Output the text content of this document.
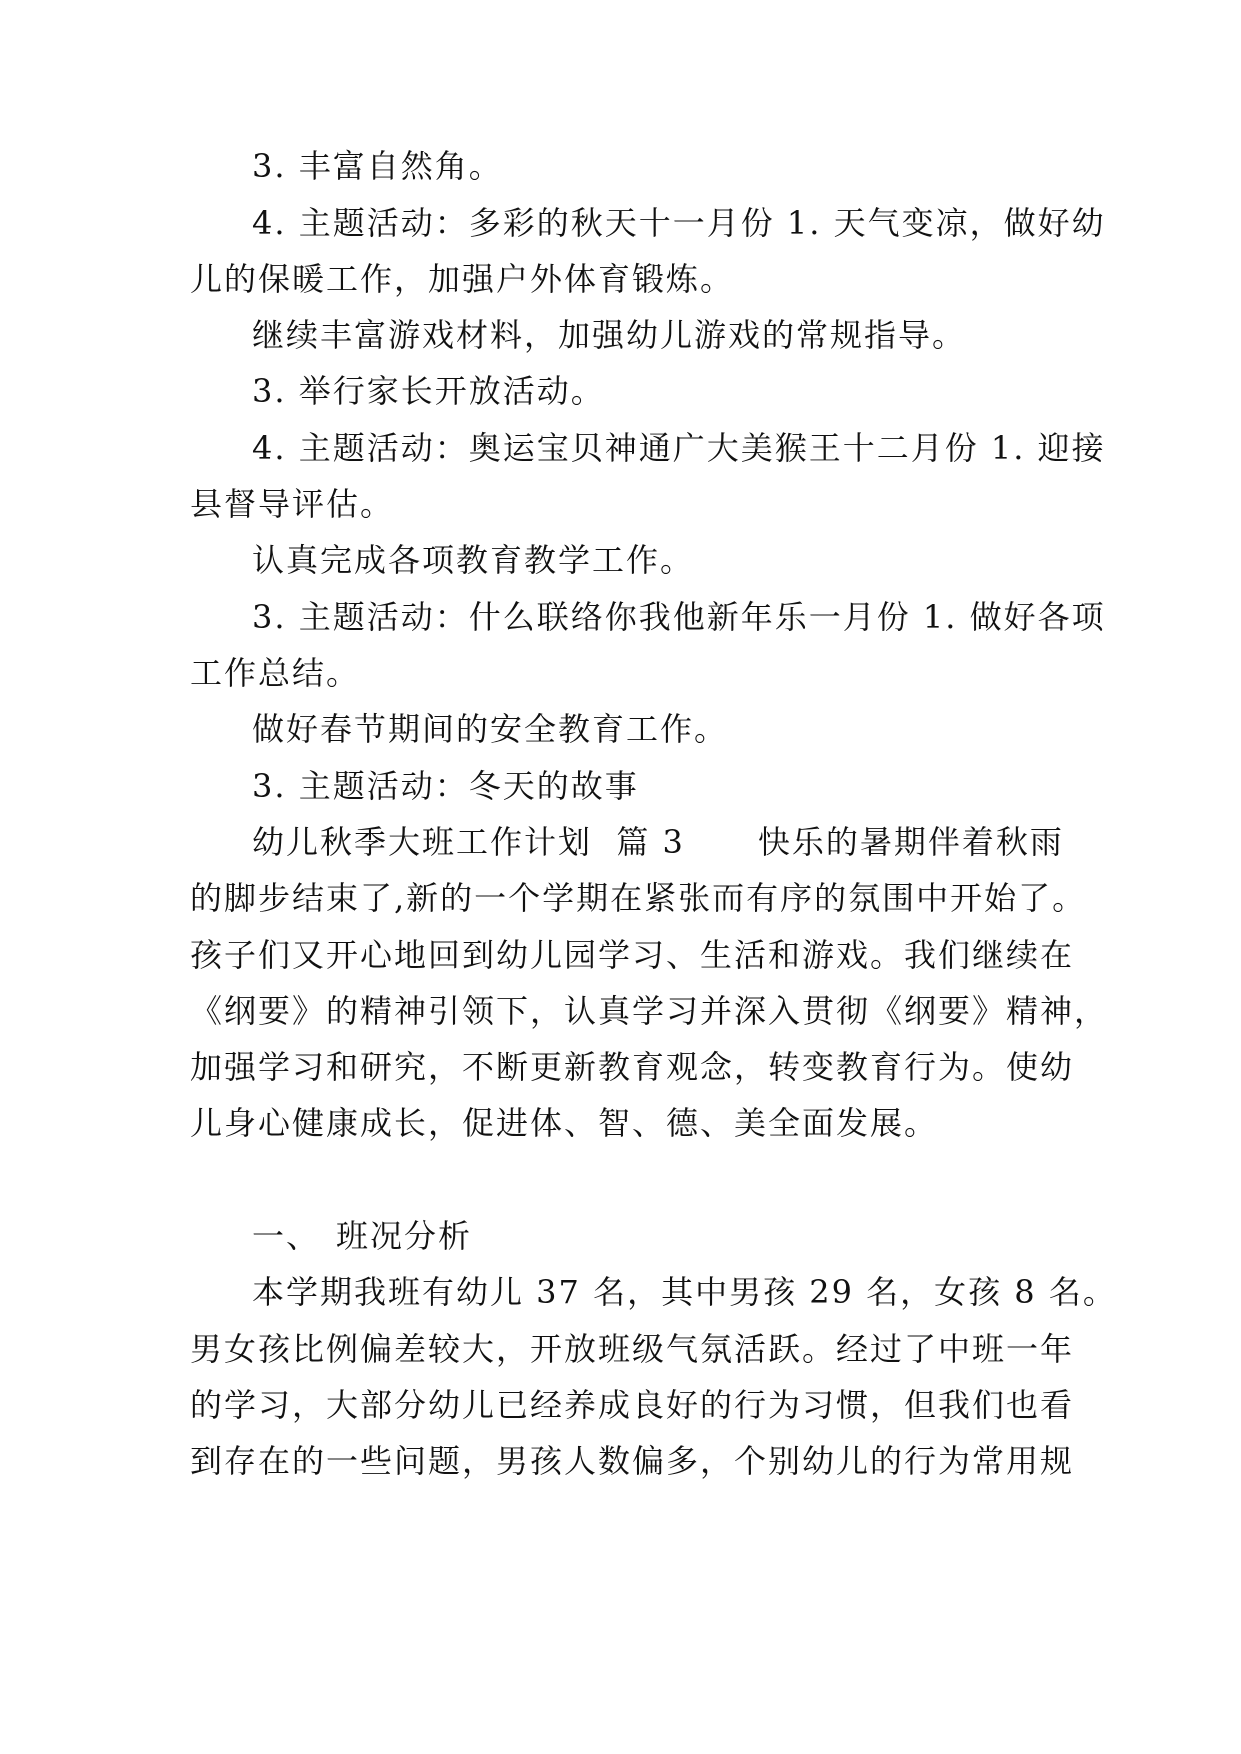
3. 丰富自然角。
4. 主题活动：多彩的秋天十一月份 1. 天气变凉，做好幼
儿的保暖工作，加强户外体育锻炼。
继续丰富游戏材料，加强幼儿游戏的常规指导。
3. 举行家长开放活动。
4. 主题活动：奥运宝贝神通广大美猴王十二月份 1. 迎接
县督导评估。
认真完成各项教育教学工作。
3. 主题活动：什么联络你我他新年乐一月份 1. 做好各项
工作总结。
做好春节期间的安全教育工作。
3. 主题活动：冬天的故事
幼儿秋季大班工作计划  篇 3      快乐的暑期伴着秋雨
的脚步结束了,新的一个学期在紧张而有序的氛围中开始了。
孩子们又开心地回到幼儿园学习、生活和游戏。我们继续在
《纲要》的精神引领下，认真学习并深入贯彻《纲要》精神，
加强学习和研究，不断更新教育观念，转变教育行为。使幼
儿身心健康成长，促进体、智、德、美全面发展。
一、 班况分析
本学期我班有幼儿 37 名，其中男孩 29 名，女孩 8 名。
男女孩比例偏差较大，开放班级气氛活跃。经过了中班一年
的学习，大部分幼儿已经养成良好的行为习惯，但我们也看
到存在的一些问题，男孩人数偏多，个别幼儿的行为常用规
